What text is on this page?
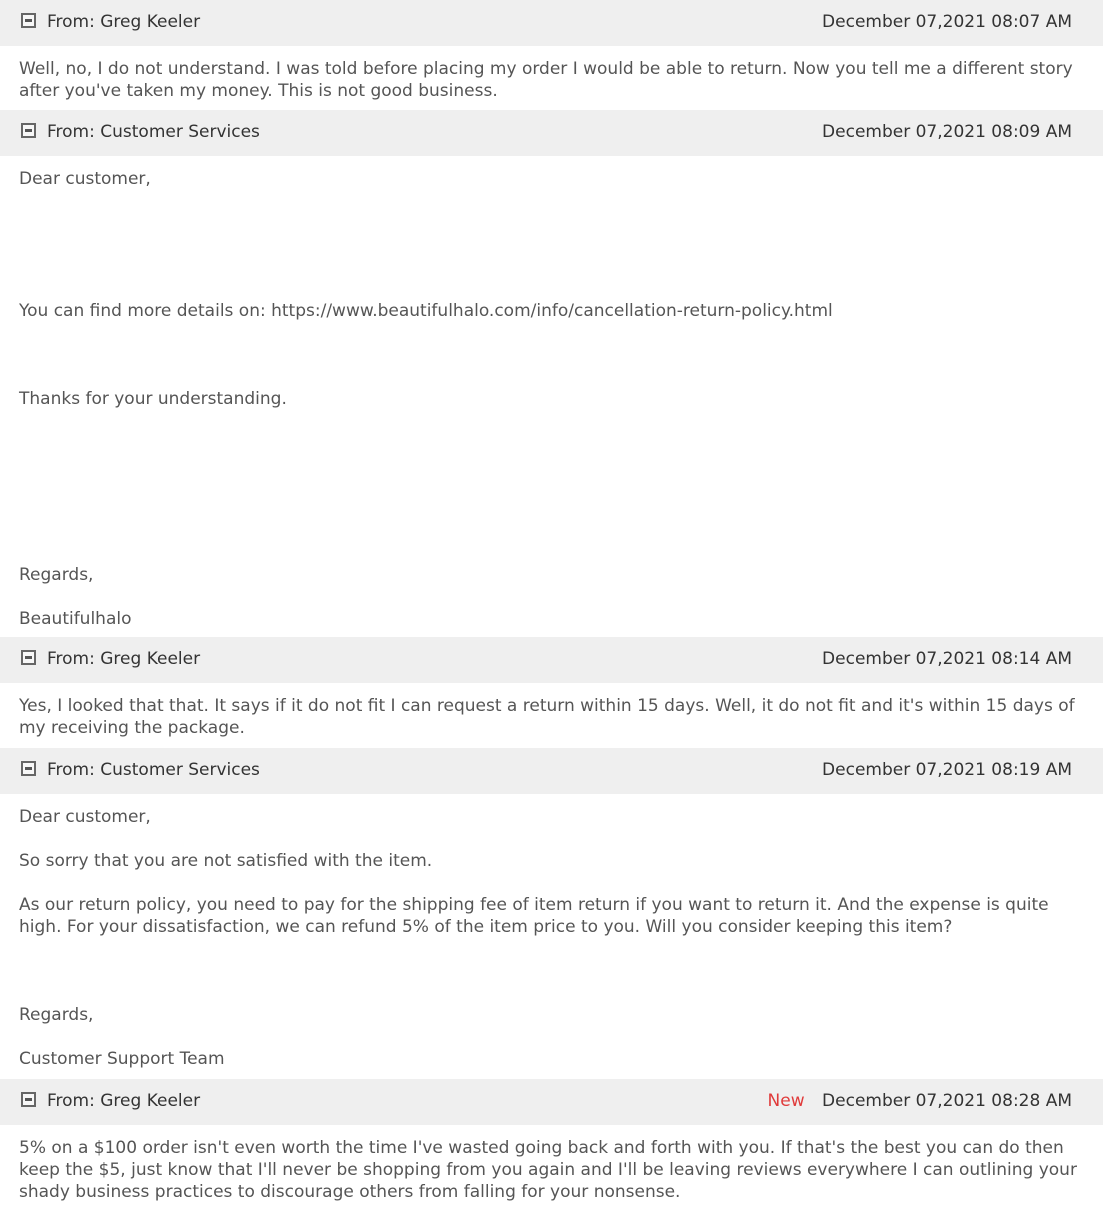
From: Greg Keeler	December 07,2021 08:07 AM

Well, no, I do not understand. I was told before placing my order I would be able to return. Now you tell me a different story after you've taken my money. This is not good business.

From: Customer Services	December 07,2021 08:09 AM

Dear customer,

You can find more details on: https://www.beautifulhalo.com/info/cancellation-return-policy.html

Thanks for your understanding.

Regards,

Beautifulhalo

From: Greg Keeler	December 07,2021 08:14 AM

Yes, I looked that that. It says if it do not fit I can request a return within 15 days. Well, it do not fit and it's within 15 days of my receiving the package.

From: Customer Services	December 07,2021 08:19 AM

Dear customer,

So sorry that you are not satisfied with the item.

As our return policy, you need to pay for the shipping fee of item return if you want to return it. And the expense is quite high. For your dissatisfaction, we can refund 5% of the item price to you. Will you consider keeping this item?

Regards,

Customer Support Team

From: Greg Keeler	New December 07,2021 08:28 AM

5% on a $100 order isn't even worth the time I've wasted going back and forth with you. If that's the best you can do then keep the $5, just know that I'll never be shopping from you again and I'll be leaving reviews everywhere I can outlining your shady business practices to discourage others from falling for your nonsense.
